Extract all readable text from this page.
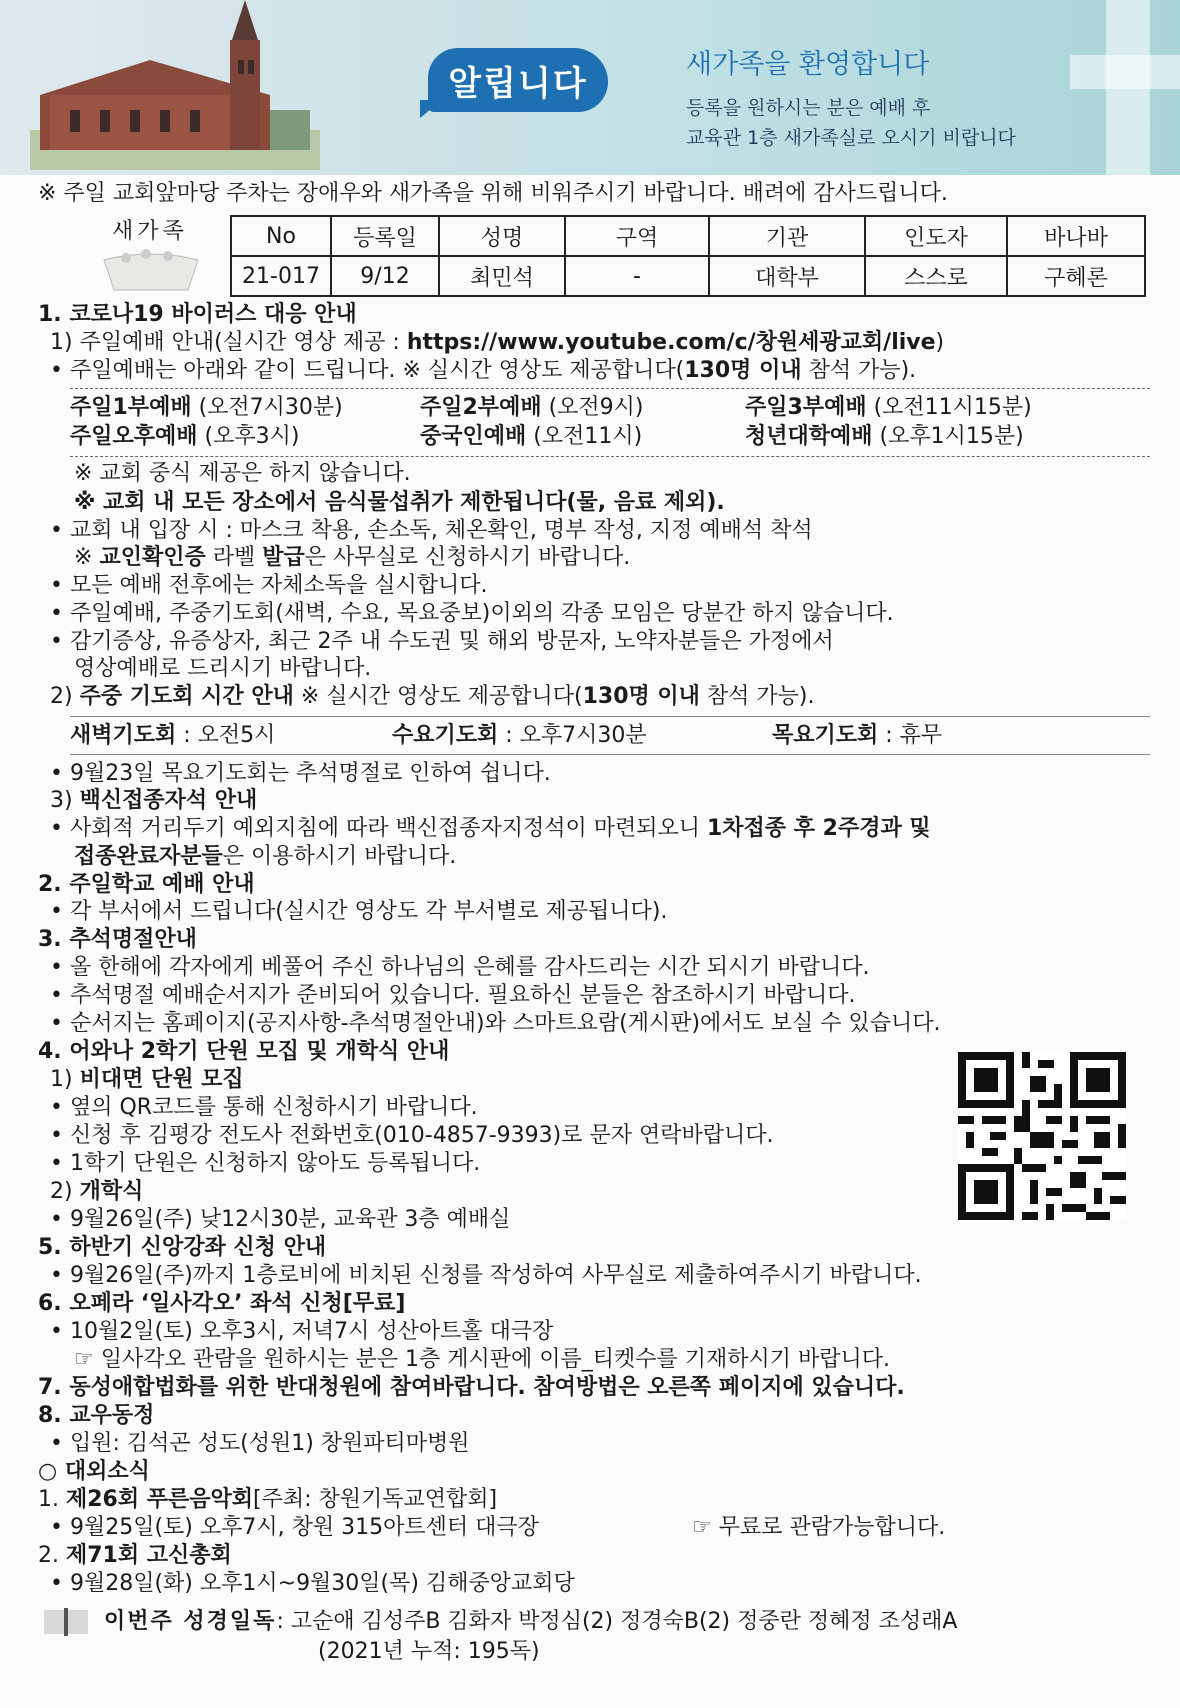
알립니다	새가족을 환영합니다
등록을 원하시는 분은 예배 후
교육관 1층 새가족실로 오시기 비랍니다
※ 주일 교회앞마당 주차는 장애우와 새가족을 위해 비워주시기 바랍니다. 배려에 감사드립니다.
새가족	No	등록일	성명	구역	기관	인도자	바나바
21-017	9/12	최민석	-	대학부	스스로	구혜론
1. 코로나19 바이러스 대응 안내
1) 주일예배 안내(실시간 영상 제공 : https://www.youtube.com/c/창원세광교회/live)
• 주일예배는 아래와 같이 드립니다. ※ 실시간 영상도 제공합니다(130명 이내 참석 가능).
주일1부예배 (오전7시30분)	주일2부예배 (오전9시)	주일3부예배 (오전11시15분)
주일오후예배 (오후3시)	중국인예배 (오전11시)	청년대학예배 (오후1시15분)
※ 교회 중식 제공은 하지 않습니다.
※ 교회 내 모든 장소에서 음식물섭취가 제한됩니다(물, 음료 제외).
• 교회 내 입장 시 : 마스크 착용, 손소독, 체온확인, 명부 작성, 지정 예배석 착석
※ 교인확인증 라벨 발급은 사무실로 신청하시기 바랍니다.
• 모든 예배 전후에는 자체소독을 실시합니다.
• 주일예배, 주중기도회(새벽, 수요, 목요중보)이외의 각종 모임은 당분간 하지 않습니다.
• 감기증상, 유증상자, 최근 2주 내 수도권 및 해외 방문자, 노약자분들은 가정에서
영상예배로 드리시기 바랍니다.
2) 주중 기도회 시간 안내 ※ 실시간 영상도 제공합니다(130명 이내 참석 가능).
새벽기도회 : 오전5시	수요기도회 : 오후7시30분	목요기도회 : 휴무
• 9월23일 목요기도회는 추석명절로 인하여 쉽니다.
3) 백신접종자석 안내
• 사회적 거리두기 예외지침에 따라 백신접종자지정석이 마련되오니 1차접종 후 2주경과 및
접종완료자분들은 이용하시기 바랍니다.
2. 주일학교 예배 안내
• 각 부서에서 드립니다(실시간 영상도 각 부서별로 제공됩니다).
3. 추석명절안내
• 올 한해에 각자에게 베풀어 주신 하나님의 은혜를 감사드리는 시간 되시기 바랍니다.
• 추석명절 예배순서지가 준비되어 있습니다. 필요하신 분들은 참조하시기 바랍니다.
• 순서지는 홈페이지(공지사항-추석명절안내)와 스마트요람(게시판)에서도 보실 수 있습니다.
4. 어와나 2학기 단원 모집 및 개학식 안내
1) 비대면 단원 모집
• 옆의 QR코드를 통해 신청하시기 바랍니다.
• 신청 후 김평강 전도사 전화번호(010-4857-9393)로 문자 연락바랍니다.
• 1학기 단원은 신청하지 않아도 등록됩니다.
2) 개학식
• 9월26일(주) 낮12시30분, 교육관 3층 예배실
5. 하반기 신앙강좌 신청 안내
• 9월26일(주)까지 1층로비에 비치된 신청를 작성하여 사무실로 제출하여주시기 바랍니다.
6. 오페라 ‘일사각오’ 좌석 신청[무료]
• 10월2일(토) 오후3시, 저녁7시 성산아트홀 대극장
☞ 일사각오 관람을 원하시는 분은 1층 게시판에 이름_티켓수를 기재하시기 바랍니다.
7. 동성애합법화를 위한 반대청원에 참여바랍니다. 참여방법은 오른쪽 페이지에 있습니다.
8. 교우동정
• 입원: 김석곤 성도(성원1) 창원파티마병원
○ 대외소식
1. 제26회 푸른음악회[주최: 창원기독교연합회]
• 9월25일(토) 오후7시, 창원 315아트센터 대극장	☞ 무료로 관람가능합니다.
2. 제71회 고신총회
• 9월28일(화) 오후1시~9월30일(목) 김해중앙교회당
이번주 성경일독: 고순애 김성주B 김화자 박정심(2) 정경숙B(2) 정중란 정혜정 조성래A
(2021년 누적: 195독)
